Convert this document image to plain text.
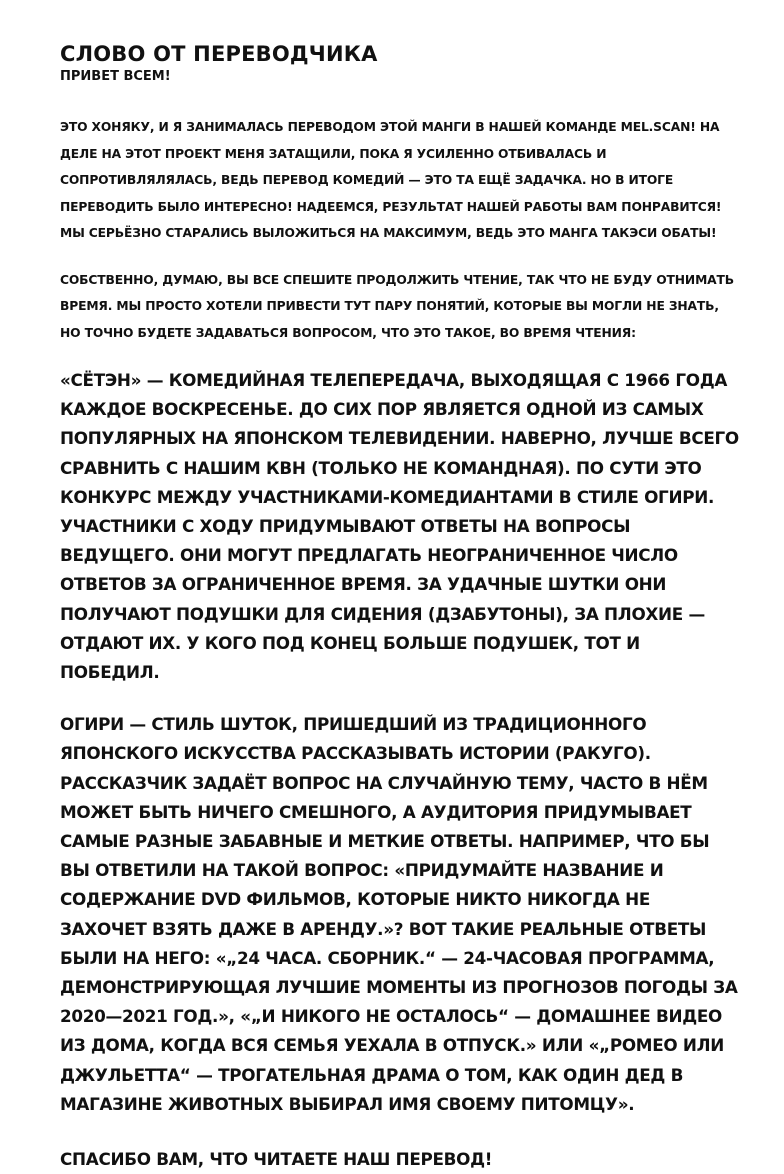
СЛОВО ОТ ПЕРЕВОДЧИКА

ПРИВЕТ ВСЕМ!

ЭТО ХОНЯКУ, И Я ЗАНИМАЛАСЬ ПЕРЕВОДОМ ЭТОЙ МАНГИ В НАШЕЙ КОМАНДЕ MEL.SCAN! НА ДЕЛЕ НА ЭТОТ ПРОЕКТ МЕНЯ ЗАТАЩИЛИ, ПОКА Я УСИЛЕННО ОТБИВАЛАСЬ И СОПРОТИВЛЯЛЯЛАСЬ, ВЕДЬ ПЕРЕВОД КОМЕДИЙ — ЭТО ТА ЕЩЁ ЗАДАЧКА. НО В ИТОГЕ ПЕРЕВОДИТЬ БЫЛО ИНТЕРЕСНО! НАДЕЕМСЯ, РЕЗУЛЬТАТ НАШЕЙ РАБОТЫ ВАМ ПОНРАВИТСЯ! МЫ СЕРЬЁЗНО СТАРАЛИСЬ ВЫЛОЖИТЬСЯ НА МАКСИМУМ, ВЕДЬ ЭТО МАНГА ТАКЭСИ ОБАТЫ!

СОБСТВЕННО, ДУМАЮ, ВЫ ВСЕ СПЕШИТЕ ПРОДОЛЖИТЬ ЧТЕНИЕ, ТАК ЧТО НЕ БУДУ ОТНИМАТЬ ВРЕМЯ. МЫ ПРОСТО ХОТЕЛИ ПРИВЕСТИ ТУТ ПАРУ ПОНЯТИЙ, КОТОРЫЕ ВЫ МОГЛИ НЕ ЗНАТЬ, НО ТОЧНО БУДЕТЕ ЗАДАВАТЬСЯ ВОПРОСОМ, ЧТО ЭТО ТАКОЕ, ВО ВРЕМЯ ЧТЕНИЯ:

«СЁТЭН» — КОМЕДИЙНАЯ ТЕЛЕПЕРЕДАЧА, ВЫХОДЯЩАЯ С 1966 ГОДА КАЖДОЕ ВОСКРЕСЕНЬЕ. ДО СИХ ПОР ЯВЛЯЕТСЯ ОДНОЙ ИЗ САМЫХ ПОПУЛЯРНЫХ НА ЯПОНСКОМ ТЕЛЕВИДЕНИИ. НАВЕРНО, ЛУЧШЕ ВСЕГО СРАВНИТЬ С НАШИМ КВН (ТОЛЬКО НЕ КОМАНДНАЯ). ПО СУТИ ЭТО КОНКУРС МЕЖДУ УЧАСТНИКАМИ-КОМЕДИАНТАМИ В СТИЛЕ ОГИРИ. УЧАСТНИКИ С ХОДУ ПРИДУМЫВАЮТ ОТВЕТЫ НА ВОПРОСЫ ВЕДУЩЕГО. ОНИ МОГУТ ПРЕДЛАГАТЬ НЕОГРАНИЧЕННОЕ ЧИСЛО ОТВЕТОВ ЗА ОГРАНИЧЕННОЕ ВРЕМЯ. ЗА УДАЧНЫЕ ШУТКИ ОНИ ПОЛУЧАЮТ ПОДУШКИ ДЛЯ СИДЕНИЯ (ДЗАБУТОНЫ), ЗА ПЛОХИЕ — ОТДАЮТ ИХ. У КОГО ПОД КОНЕЦ БОЛЬШЕ ПОДУШЕК, ТОТ И ПОБЕДИЛ.

ОГИРИ — СТИЛЬ ШУТОК, ПРИШЕДШИЙ ИЗ ТРАДИЦИОННОГО ЯПОНСКОГО ИСКУССТВА РАССКАЗЫВАТЬ ИСТОРИИ (РАКУГО). РАССКАЗЧИК ЗАДАЁТ ВОПРОС НА СЛУЧАЙНУЮ ТЕМУ, ЧАСТО В НЁМ МОЖЕТ БЫТЬ НИЧЕГО СМЕШНОГО, А АУДИТОРИЯ ПРИДУМЫВАЕТ САМЫЕ РАЗНЫЕ ЗАБАВНЫЕ И МЕТКИЕ ОТВЕТЫ. НАПРИМЕР, ЧТО БЫ ВЫ ОТВЕТИЛИ НА ТАКОЙ ВОПРОС: «ПРИДУМАЙТЕ НАЗВАНИЕ И СОДЕРЖАНИЕ DVD ФИЛЬМОВ, КОТОРЫЕ НИКТО НИКОГДА НЕ ЗАХОЧЕТ ВЗЯТЬ ДАЖЕ В АРЕНДУ.»? ВОТ ТАКИЕ РЕАЛЬНЫЕ ОТВЕТЫ БЫЛИ НА НЕГО: «„24 ЧАСА. СБОРНИК.“ — 24-ЧАСОВАЯ ПРОГРАММА, ДЕМОНСТРИРУЮЩАЯ ЛУЧШИЕ МОМЕНТЫ ИЗ ПРОГНОЗОВ ПОГОДЫ ЗА 2020—2021 ГОД.», «„И НИКОГО НЕ ОСТАЛОСЬ“ — ДОМАШНЕЕ ВИДЕО ИЗ ДОМА, КОГДА ВСЯ СЕМЬЯ УЕХАЛА В ОТПУСК.» ИЛИ «„РОМЕО ИЛИ ДЖУЛЬЕТТА“ — ТРОГАТЕЛЬНАЯ ДРАМА О ТОМ, КАК ОДИН ДЕД В МАГАЗИНЕ ЖИВОТНЫХ ВЫБИРАЛ ИМЯ СВОЕМУ ПИТОМЦУ».

СПАСИБО ВАМ, ЧТО ЧИТАЕТЕ НАШ ПЕРЕВОД!
